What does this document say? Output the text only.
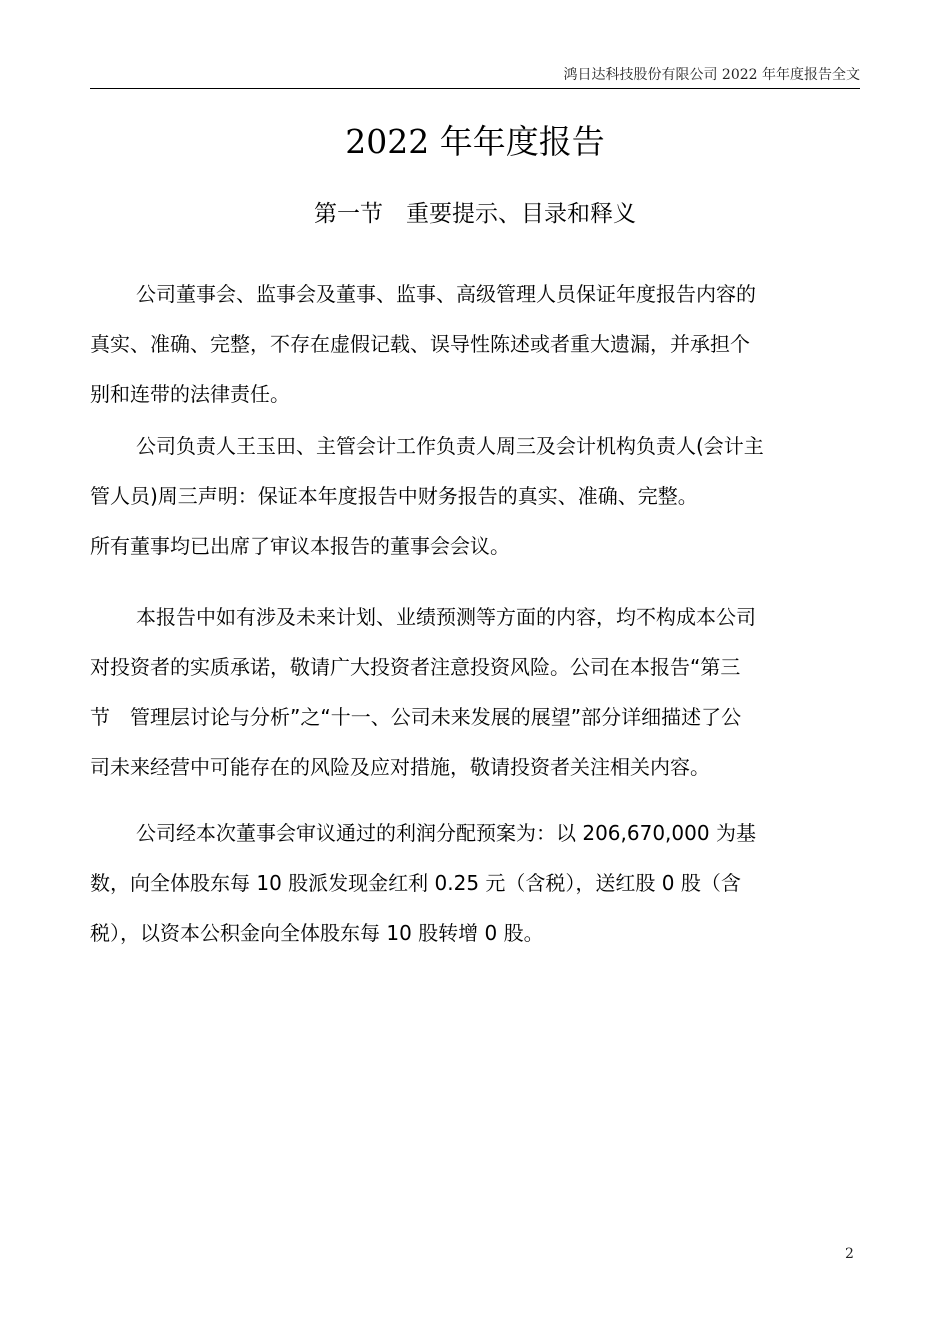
鸿日达科技股份有限公司 2022 年年度报告全文
2022 年年度报告
第一节　重要提示、目录和释义

公司董事会、监事会及董事、监事、高级管理人员保证年度报告内容的
真实、准确、完整，不存在虚假记载、误导性陈述或者重大遗漏，并承担个
别和连带的法律责任。

公司负责人王玉田、主管会计工作负责人周三及会计机构负责人(会计主
管人员)周三声明：保证本年度报告中财务报告的真实、准确、完整。

所有董事均已出席了审议本报告的董事会会议。

本报告中如有涉及未来计划、业绩预测等方面的内容，均不构成本公司
对投资者的实质承诺，敬请广大投资者注意投资风险。公司在本报告“第三
节　管理层讨论与分析”之“十一、公司未来发展的展望”部分详细描述了公
司未来经营中可能存在的风险及应对措施，敬请投资者关注相关内容。

公司经本次董事会审议通过的利润分配预案为：以 206,670,000 为基
数，向全体股东每 10 股派发现金红利 0.25 元（含税），送红股 0 股（含
税），以资本公积金向全体股东每 10 股转增 0 股。

2
